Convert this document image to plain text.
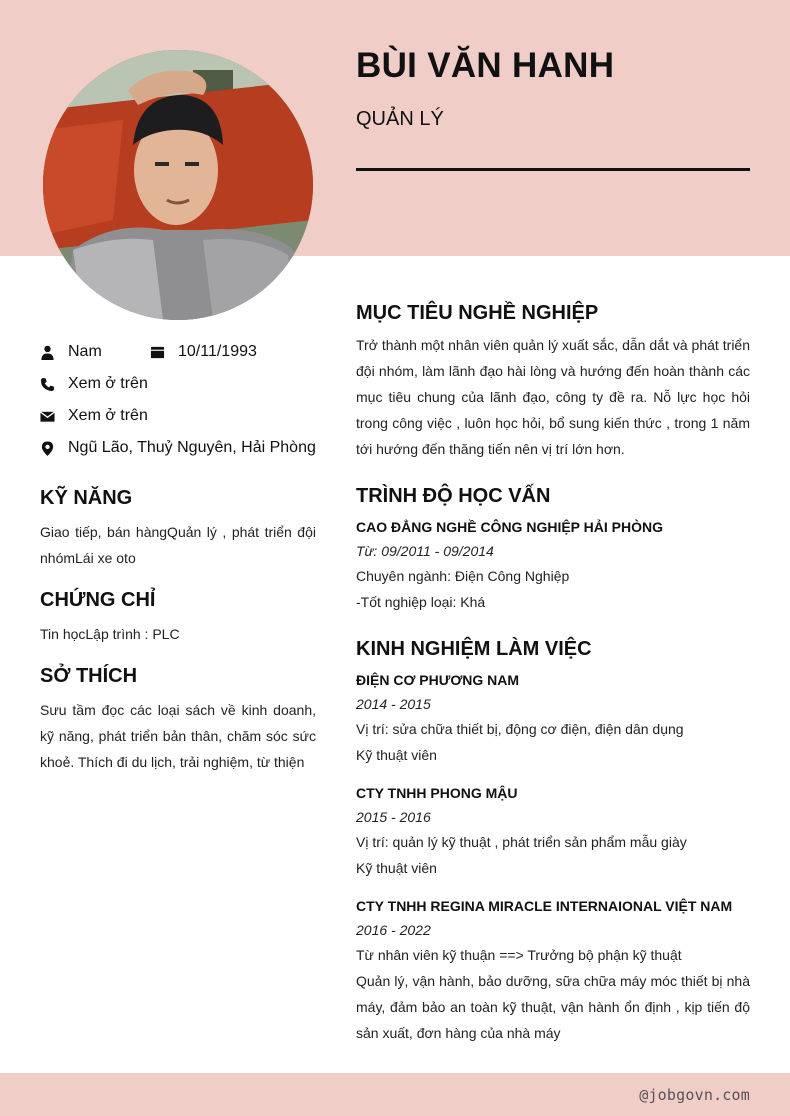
@jobgovn.com
BÙI VĂN HANH
QUẢN LÝ
Nam	10/11/1993
Xem ở trên
Xem ở trên
Ngũ Lão, Thuỷ Nguyên, Hải Phòng
KỸ NĂNG
Giao tiếp, bán hàngQuản lý , phát triển đội nhómLái xe oto
CHỨNG CHỈ
Tin họcLập trình : PLC
SỞ THÍCH
Sưu tầm đọc các loại sách về kinh doanh, kỹ năng, phát triển bản thân, chăm sóc sức khoẻ. Thích đi du lịch, trải nghiệm, từ thiện
MỤC TIÊU NGHỀ NGHIỆP
Trở thành một nhân viên quản lý xuất sắc, dẫn dắt và phát triển đội nhóm, làm lãnh đạo hài lòng và hướng đến hoàn thành các mục tiêu chung của lãnh đạo, công ty đề ra. Nỗ lực học hỏi trong công việc , luôn học hỏi, bổ sung kiến thức , trong 1 năm tới hướng đến thăng tiến nên vị trí lớn hơn.
TRÌNH ĐỘ HỌC VẤN
CAO ĐẲNG NGHỀ CÔNG NGHIỆP HẢI PHÒNG
Từ: 09/2011 - 09/2014
Chuyên ngành: Điện Công Nghiệp
-Tốt nghiệp loại: Khá
KINH NGHIỆM LÀM VIỆC
ĐIỆN CƠ PHƯƠNG NAM
2014 - 2015
Vị trí: sửa chữa thiết bị, động cơ điện, điện dân dụng
Kỹ thuật viên
CTY TNHH PHONG MẬU
2015 - 2016
Vị trí: quản lý kỹ thuật , phát triển sản phẩm mẫu giày
Kỹ thuật viên
CTY TNHH REGINA MIRACLE INTERNAIONAL VIỆT NAM
2016 - 2022
Từ nhân viên kỹ thuận ==> Trưởng bộ phận kỹ thuật
Quản lý, vận hành, bảo dưỡng, sữa chữa máy móc thiết bị nhà máy, đảm bảo an toàn kỹ thuật, vận hành ổn định , kịp tiến độ sản xuất, đơn hàng của nhà máy
